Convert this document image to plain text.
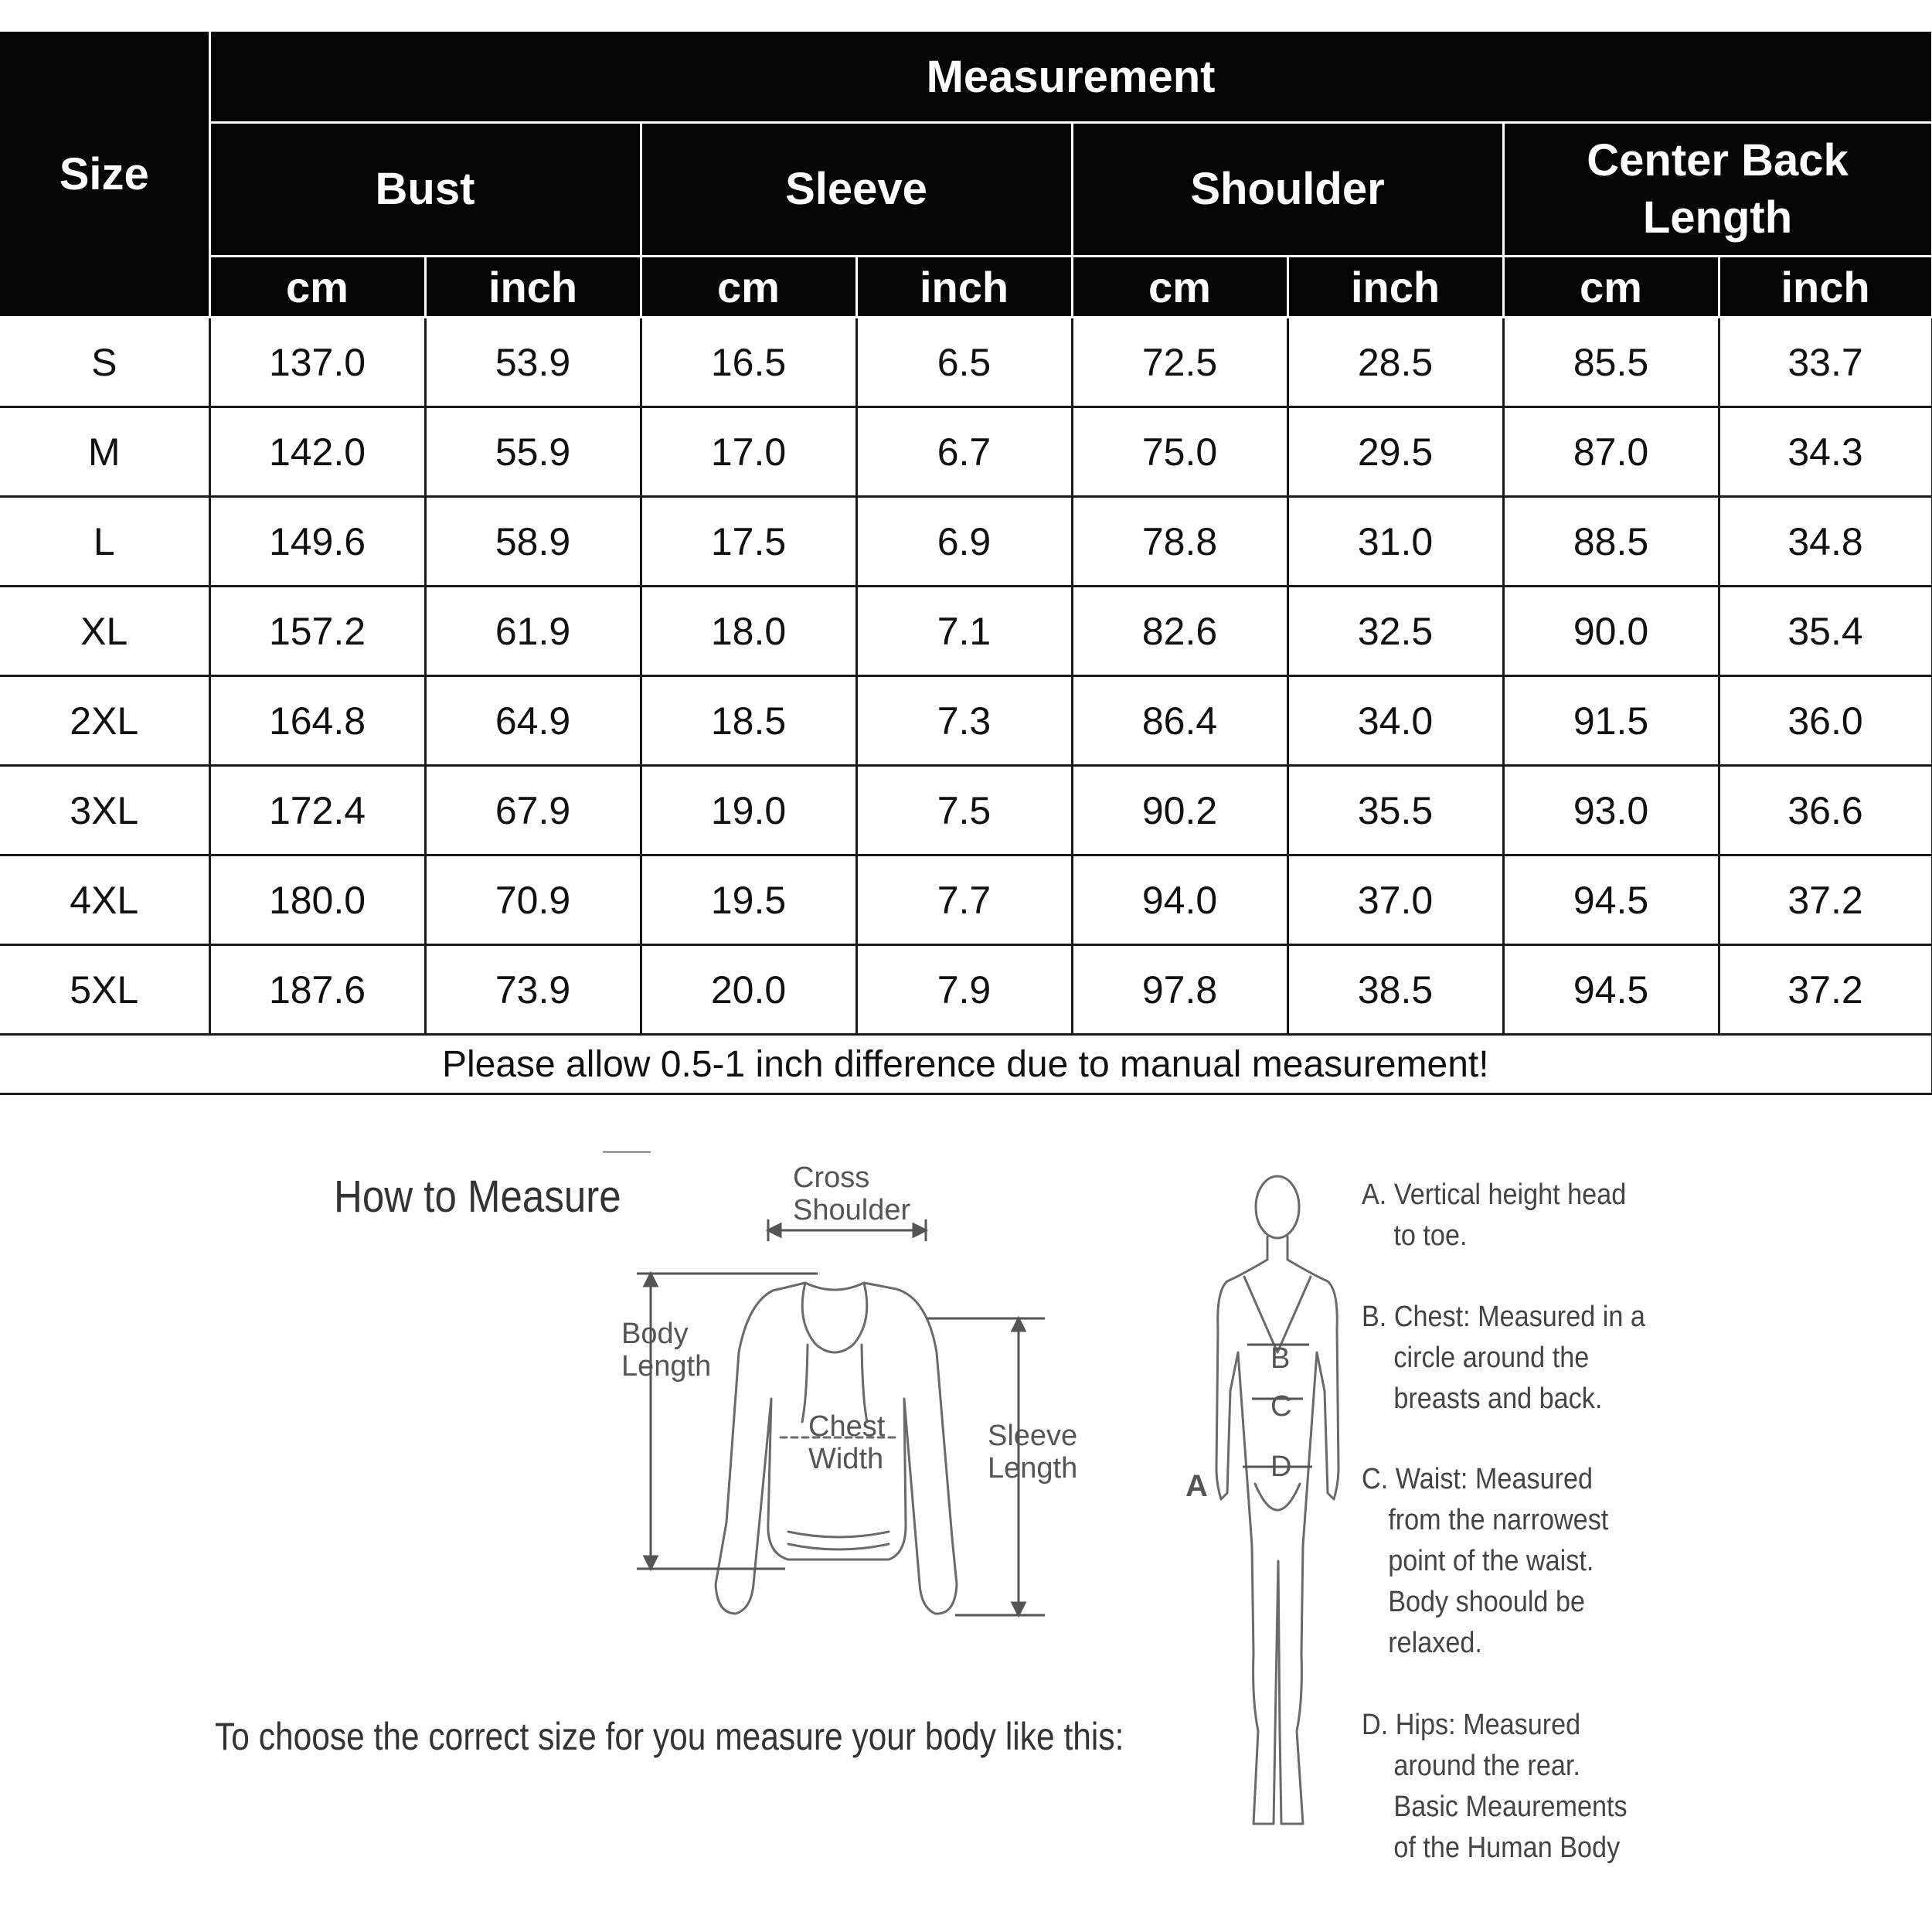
Size	Measurement							
	Bust		Sleeve		Shoulder		Center Back
Length	
	cm	inch	cm	inch	cm	inch	cm	inch
S	137.0	53.9	16.5	6.5	72.5	28.5	85.5	33.7
M	142.0	55.9	17.0	6.7	75.0	29.5	87.0	34.3
L	149.6	58.9	17.5	6.9	78.8	31.0	88.5	34.8
XL	157.2	61.9	18.0	7.1	82.6	32.5	90.0	35.4
2XL	164.8	64.9	18.5	7.3	86.4	34.0	91.5	36.0
3XL	172.4	67.9	19.0	7.5	90.2	35.5	93.0	36.6
4XL	180.0	70.9	19.5	7.7	94.0	37.0	94.5	37.2
5XL	187.6	73.9	20.0	7.9	97.8	38.5	94.5	37.2
Please allow 0.5-1 inch difference due to manual measurement!								
How to Measure	Cross
Shoulder
Body
Length
Chest
Width
Sleeve
Length
To choose the correct size for you measure your body like this:
B
C
D
A
A. Vertical height head
to toe.
B. Chest: Measured in a
circle around the
breasts and back.
C. Waist: Measured
from the narrowest
point of the waist.
Body shoould be
relaxed.
D. Hips: Measured
around the rear.
Basic Meaurements
of the Human Body
